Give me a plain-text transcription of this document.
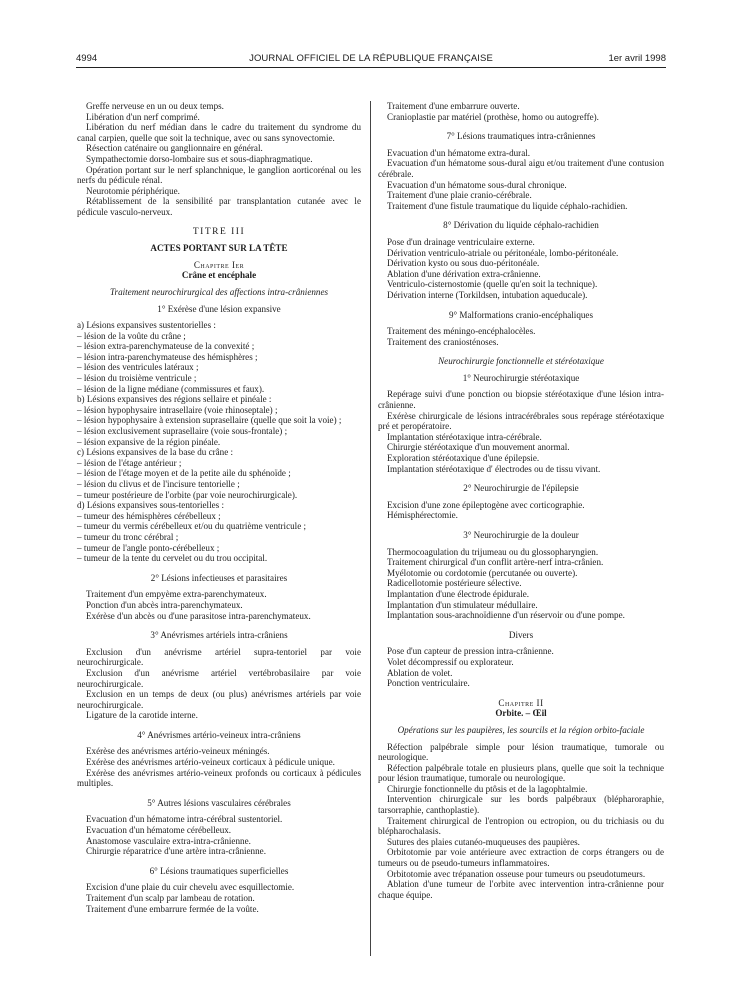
4994	JOURNAL OFFICIEL DE LA RÉPUBLIQUE FRANÇAISE	1er avril 1998

Greffe nerveuse en un ou deux temps.

Libération d'un nerf comprimé.

Libération du nerf médian dans le cadre du traitement du syndrome du canal carpien, quelle que soit la technique, avec ou sans synovectomie.

Résection caténaire ou ganglionnaire en général.

Sympathectomie dorso-lombaire sus et sous-diaphragmatique.

Opération portant sur le nerf splanchnique, le ganglion aorticorénal ou les nerfs du pédicule rénal.

Neurotomie périphérique.

Rétablissement de la sensibilité par transplantation cutanée avec le pédicule vasculo-nerveux.

TITRE III

ACTES PORTANT SUR LA TÊTE

Chapitre Ier

Crâne et encéphale

Traitement neurochirurgical des affections intra-crâniennes

1° Exérèse d'une lésion expansive

a) Lésions expansives sustentorielles :

– lésion de la voûte du crâne ;

– lésion extra-parenchymateuse de la convexité ;

– lésion intra-parenchymateuse des hémisphères ;

– lésion des ventricules latéraux ;

– lésion du troisième ventricule ;

– lésion de la ligne médiane (commissures et faux).

b) Lésions expansives des régions sellaire et pinéale :

– lésion hypophysaire intrasellaire (voie rhinoseptale) ;

– lésion hypophysaire à extension suprasellaire (quelle que soit la voie) ;

– lésion exclusivement suprasellaire (voie sous-frontale) ;

– lésion expansive de la région pinéale.

c) Lésions expansives de la base du crâne :

– lésion de l'étage antérieur ;

– lésion de l'étage moyen et de la petite aile du sphénoïde ;

– lésion du clivus et de l'incisure tentorielle ;

– tumeur postérieure de l'orbite (par voie neurochirurgicale).

d) Lésions expansives sous-tentorielles :

– tumeur des hémisphères cérébelleux ;

– tumeur du vermis cérébelleux et/ou du quatrième ventricule ;

– tumeur du tronc cérébral ;

– tumeur de l'angle ponto-cérébelleux ;

– tumeur de la tente du cervelet ou du trou occipital.

2° Lésions infectieuses et parasitaires

Traitement d'un empyème extra-parenchymateux.

Ponction d'un abcès intra-parenchymateux.

Exérèse d'un abcès ou d'une parasitose intra-parenchymateux.

3° Anévrismes artériels intra-crâniens

Exclusion d'un anévrisme artériel supra-tentoriel par voie neurochirurgicale.

Exclusion d'un anévrisme artériel vertébrobasilaire par voie neurochirurgicale.

Exclusion en un temps de deux (ou plus) anévrismes artériels par voie neurochirurgicale.

Ligature de la carotide interne.

4° Anévrismes artério-veineux intra-crâniens

Exérèse des anévrismes artério-veineux méningés.

Exérèse des anévrismes artério-veineux corticaux à pédicule unique.

Exérèse des anévrismes artério-veineux profonds ou corticaux à pédicules multiples.

5° Autres lésions vasculaires cérébrales

Evacuation d'un hématome intra-cérébral sustentoriel.

Evacuation d'un hématome cérébelleux.

Anastomose vasculaire extra-intra-crânienne.

Chirurgie réparatrice d'une artère intra-crânienne.

6° Lésions traumatiques superficielles

Excision d'une plaie du cuir chevelu avec esquillectomie.

Traitement d'un scalp par lambeau de rotation.

Traitement d'une embarrure fermée de la voûte.

Traitement d'une embarrure ouverte.

Cranioplastie par matériel (prothèse, homo ou autogreffe).

7° Lésions traumatiques intra-crâniennes

Evacuation d'un hématome extra-dural.

Evacuation d'un hématome sous-dural aigu et/ou traitement d'une contusion cérébrale.

Evacuation d'un hématome sous-dural chronique.

Traitement d'une plaie cranio-cérébrale.

Traitement d'une fistule traumatique du liquide céphalo-rachidien.

8° Dérivation du liquide céphalo-rachidien

Pose d'un drainage ventriculaire externe.

Dérivation ventriculo-atriale ou péritonéale, lombo-péritonéale.

Dérivation kysto ou sous duo-péritonéale.

Ablation d'une dérivation extra-crânienne.

Ventriculo-cisternostomie (quelle qu'en soit la technique).

Dérivation interne (Torkildsen, intubation aqueducale).

9° Malformations cranio-encéphaliques

Traitement des méningo-encéphalocèles.

Traitement des craniosténoses.

Neurochirurgie fonctionnelle et stéréotaxique

1° Neurochirurgie stéréotaxique

Repérage suivi d'une ponction ou biopsie stéréotaxique d'une lésion intra-crânienne.

Exérèse chirurgicale de lésions intracérébrales sous repérage stéréotaxique pré et peropératoire.

Implantation stéréotaxique intra-cérébrale.

Chirurgie stéréotaxique d'un mouvement anormal.

Exploration stéréotaxique d'une épilepsie.

Implantation stéréotaxique d' électrodes ou de tissu vivant.

2° Neurochirurgie de l'épilepsie

Excision d'une zone épileptogène avec corticographie.

Hémisphérectomie.

3° Neurochirurgie de la douleur

Thermocoagulation du trijumeau ou du glossopharyngien.

Traitement chirurgical d'un conflit artère-nerf intra-crânien.

Myélotomie ou cordotomie (percutanée ou ouverte).

Radicellotomie postérieure sélective.

Implantation d'une électrode épidurale.

Implantation d'un stimulateur médullaire.

Implantation sous-arachnoïdienne d'un réservoir ou d'une pompe.

Divers

Pose d'un capteur de pression intra-crânienne.

Volet décompressif ou explorateur.

Ablation de volet.

Ponction ventriculaire.

Chapitre II

Orbite. – Œil

Opérations sur les paupières, les sourcils et la région orbito-faciale

Réfection palpébrale simple pour lésion traumatique, tumorale ou neurologique.

Réfection palpébrale totale en plusieurs plans, quelle que soit la technique pour lésion traumatique, tumorale ou neurologique.

Chirurgie fonctionnelle du ptôsis et de la lagophtalmie.

Intervention chirurgicale sur les bords palpébraux (blépharoraphie, tarsorraphie, canthoplastie).

Traitement chirurgical de l'entropion ou ectropion, ou du trichiasis ou du blépharochalasis.

Sutures des plaies cutanéo-muqueuses des paupières.

Orbitotomie par voie antérieure avec extraction de corps étrangers ou de tumeurs ou de pseudo-tumeurs inflammatoires.

Orbitotomie avec trépanation osseuse pour tumeurs ou pseudotumeurs.

Ablation d'une tumeur de l'orbite avec intervention intra-crânienne pour chaque équipe.
